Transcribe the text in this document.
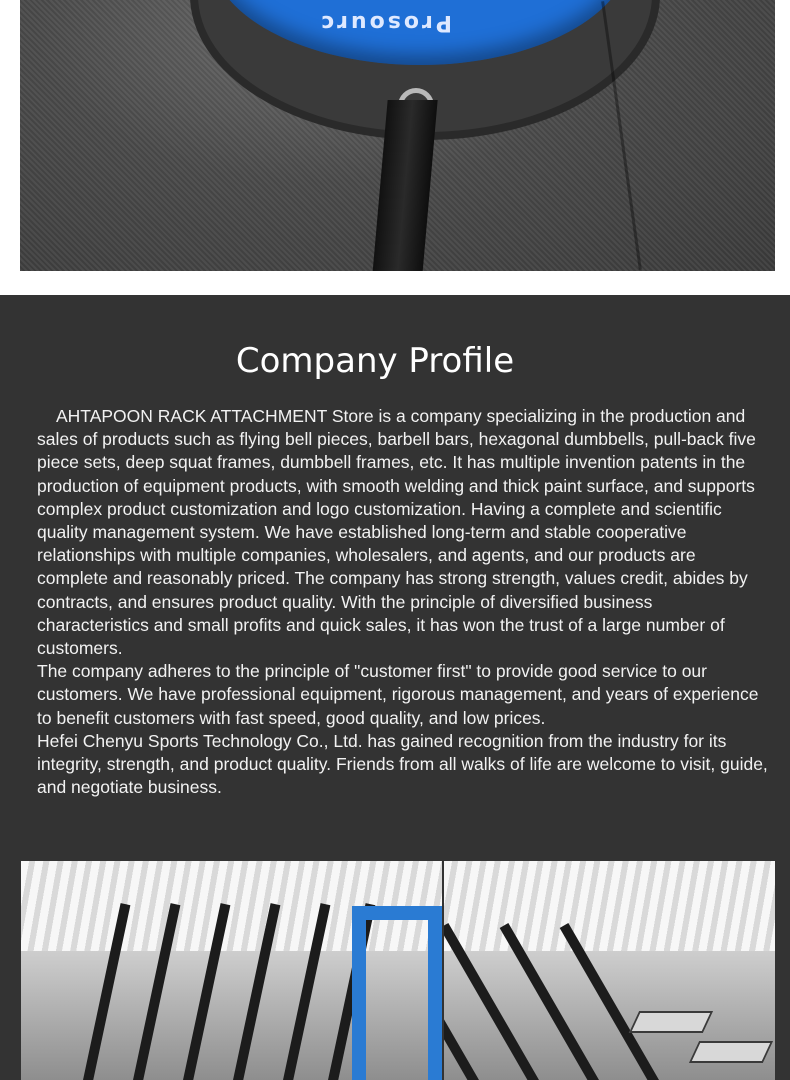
Prosourc
Company Profile

AHTAPOON RACK ATTACHMENT Store is a company specializing in the production and sales of products such as flying bell pieces, barbell bars, hexagonal dumbbells, pull-back five piece sets, deep squat frames, dumbbell frames, etc. It has multiple invention patents in the production of equipment products, with smooth welding and thick paint surface, and supports complex product customization and logo customization. Having a complete and scientific quality management system. We have established long-term and stable cooperative relationships with multiple companies, wholesalers, and agents, and our products are complete and reasonably priced. The company has strong strength, values credit, abides by contracts, and ensures product quality. With the principle of diversified business characteristics and small profits and quick sales, it has won the trust of a large number of customers.

The company adheres to the principle of "customer first" to provide good service to our customers. We have professional equipment, rigorous management, and years of experience to benefit customers with fast speed, good quality, and low prices.

Hefei Chenyu Sports Technology Co., Ltd. has gained recognition from the industry for its integrity, strength, and product quality. Friends from all walks of life are welcome to visit, guide, and negotiate business.
